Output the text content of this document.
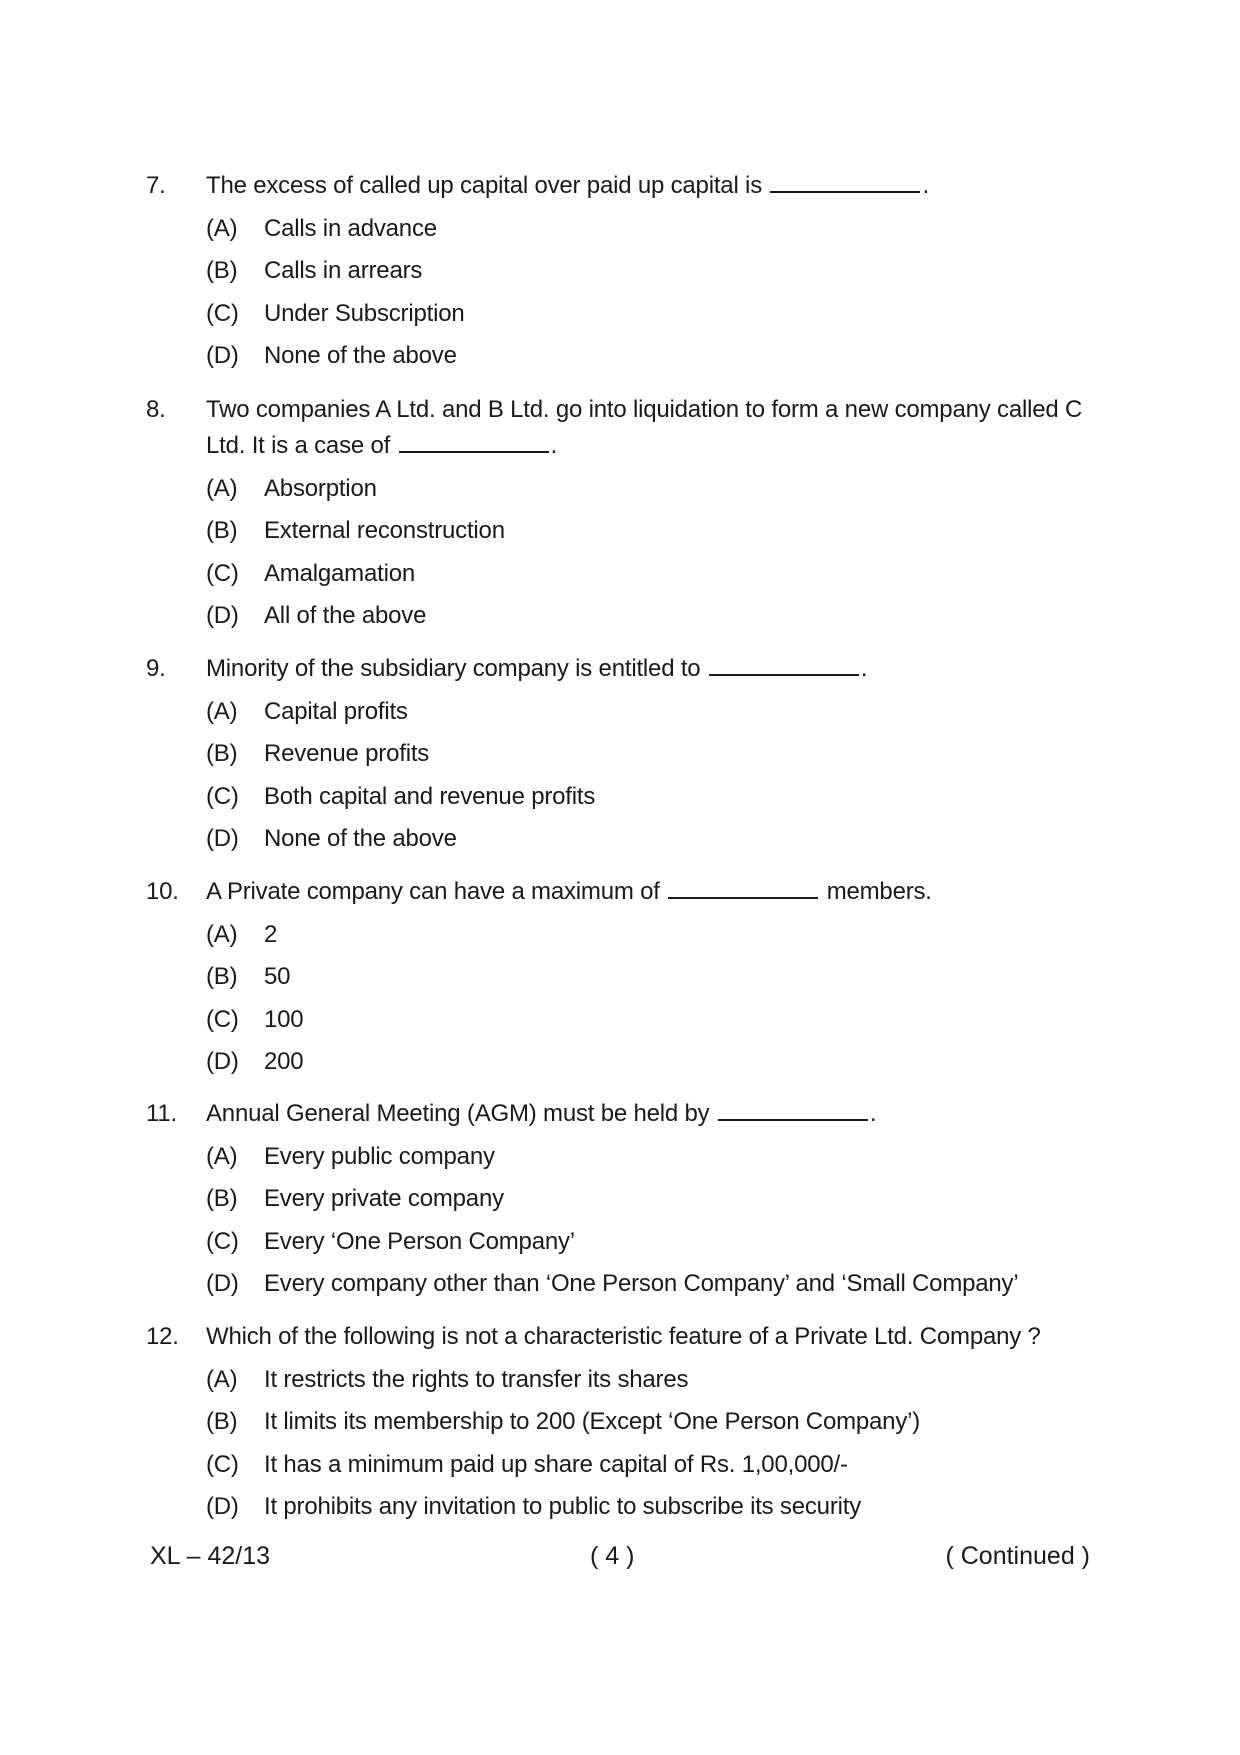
7. The excess of called up capital over paid up capital is	.
(A) Calls in advance
(B) Calls in arrears
(C) Under Subscription
(D) None of the above
8. Two companies A Ltd. and B Ltd. go into liquidation to form a new company called C Ltd. It is a case of	.
(A) Absorption
(B) External reconstruction
(C) Amalgamation
(D) All of the above
9. Minority of the subsidiary company is entitled to	.
(A) Capital profits
(B) Revenue profits
(C) Both capital and revenue profits
(D) None of the above
10. A Private company can have a maximum of	members.
(A) 2
(B) 50
(C) 100
(D) 200
11. Annual General Meeting (AGM) must be held by	.
(A) Every public company
(B) Every private company
(C) Every ‘One Person Company’
(D) Every company other than ‘One Person Company’ and ‘Small Company’
12. Which of the following is not a characteristic feature of a Private Ltd. Company ?
(A) It restricts the rights to transfer its shares
(B) It limits its membership to 200 (Except ‘One Person Company’)
(C) It has a minimum paid up share capital of Rs. 1,00,000/-
(D) It prohibits any invitation to public to subscribe its security
XL – 42/13	( 4 )	( Continued )
